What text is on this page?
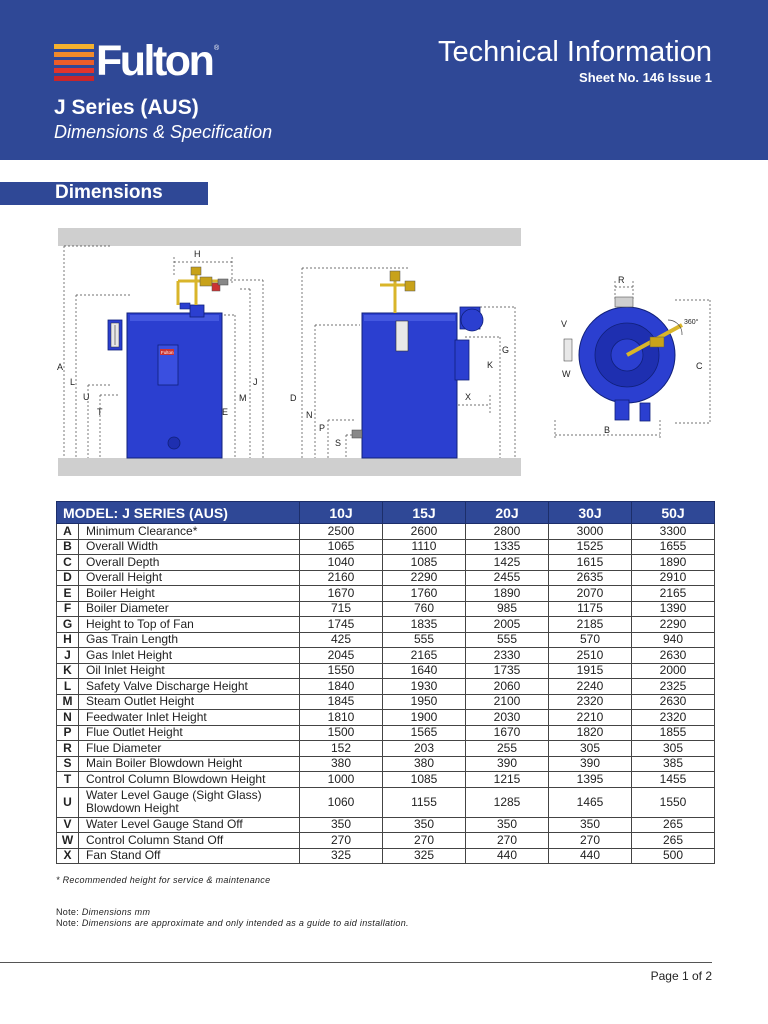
Fulton ®	Technical Information
Sheet No. 146 Issue 1
J Series (AUS)
Dimensions & Specification
Dimensions
Fulton
H
A
L
U
T	E
M
J
G
K
D
N
P
S
X
360°
R
V
W
C
B
MODEL: J SERIES (AUS)		10J	15J	20J	30J	50J
A	Minimum Clearance*	2500	2600	2800	3000	3300
B	Overall Width	1065	1110	1335	1525	1655
C	Overall Depth	1040	1085	1425	1615	1890
D	Overall Height	2160	2290	2455	2635	2910
E	Boiler Height	1670	1760	1890	2070	2165
F	Boiler Diameter	715	760	985	1175	1390
G	Height to Top of Fan	1745	1835	2005	2185	2290
H	Gas Train Length	425	555	555	570	940
J	Gas Inlet Height	2045	2165	2330	2510	2630
K	Oil Inlet Height	1550	1640	1735	1915	2000
L	Safety Valve Discharge Height	1840	1930	2060	2240	2325
M	Steam Outlet Height	1845	1950	2100	2320	2630
N	Feedwater Inlet Height	1810	1900	2030	2210	2320
P	Flue Outlet Height	1500	1565	1670	1820	1855
R	Flue Diameter	152	203	255	305	305
S	Main Boiler Blowdown Height	380	380	390	390	385
T	Control Column Blowdown Height	1000	1085	1215	1395	1455
U	Water Level Gauge (Sight Glass) Blowdown Height	1060	1155	1285	1465	1550
V	Water Level Gauge Stand Off	350	350	350	350	265
W	Control Column Stand Off	270	270	270	270	265
X	Fan Stand Off	325	325	440	440	500
* Recommended height for service & maintenance
Note: Dimensions mm
Note: Dimensions are approximate and only intended as a guide to aid installation.
Page 1 of 2
